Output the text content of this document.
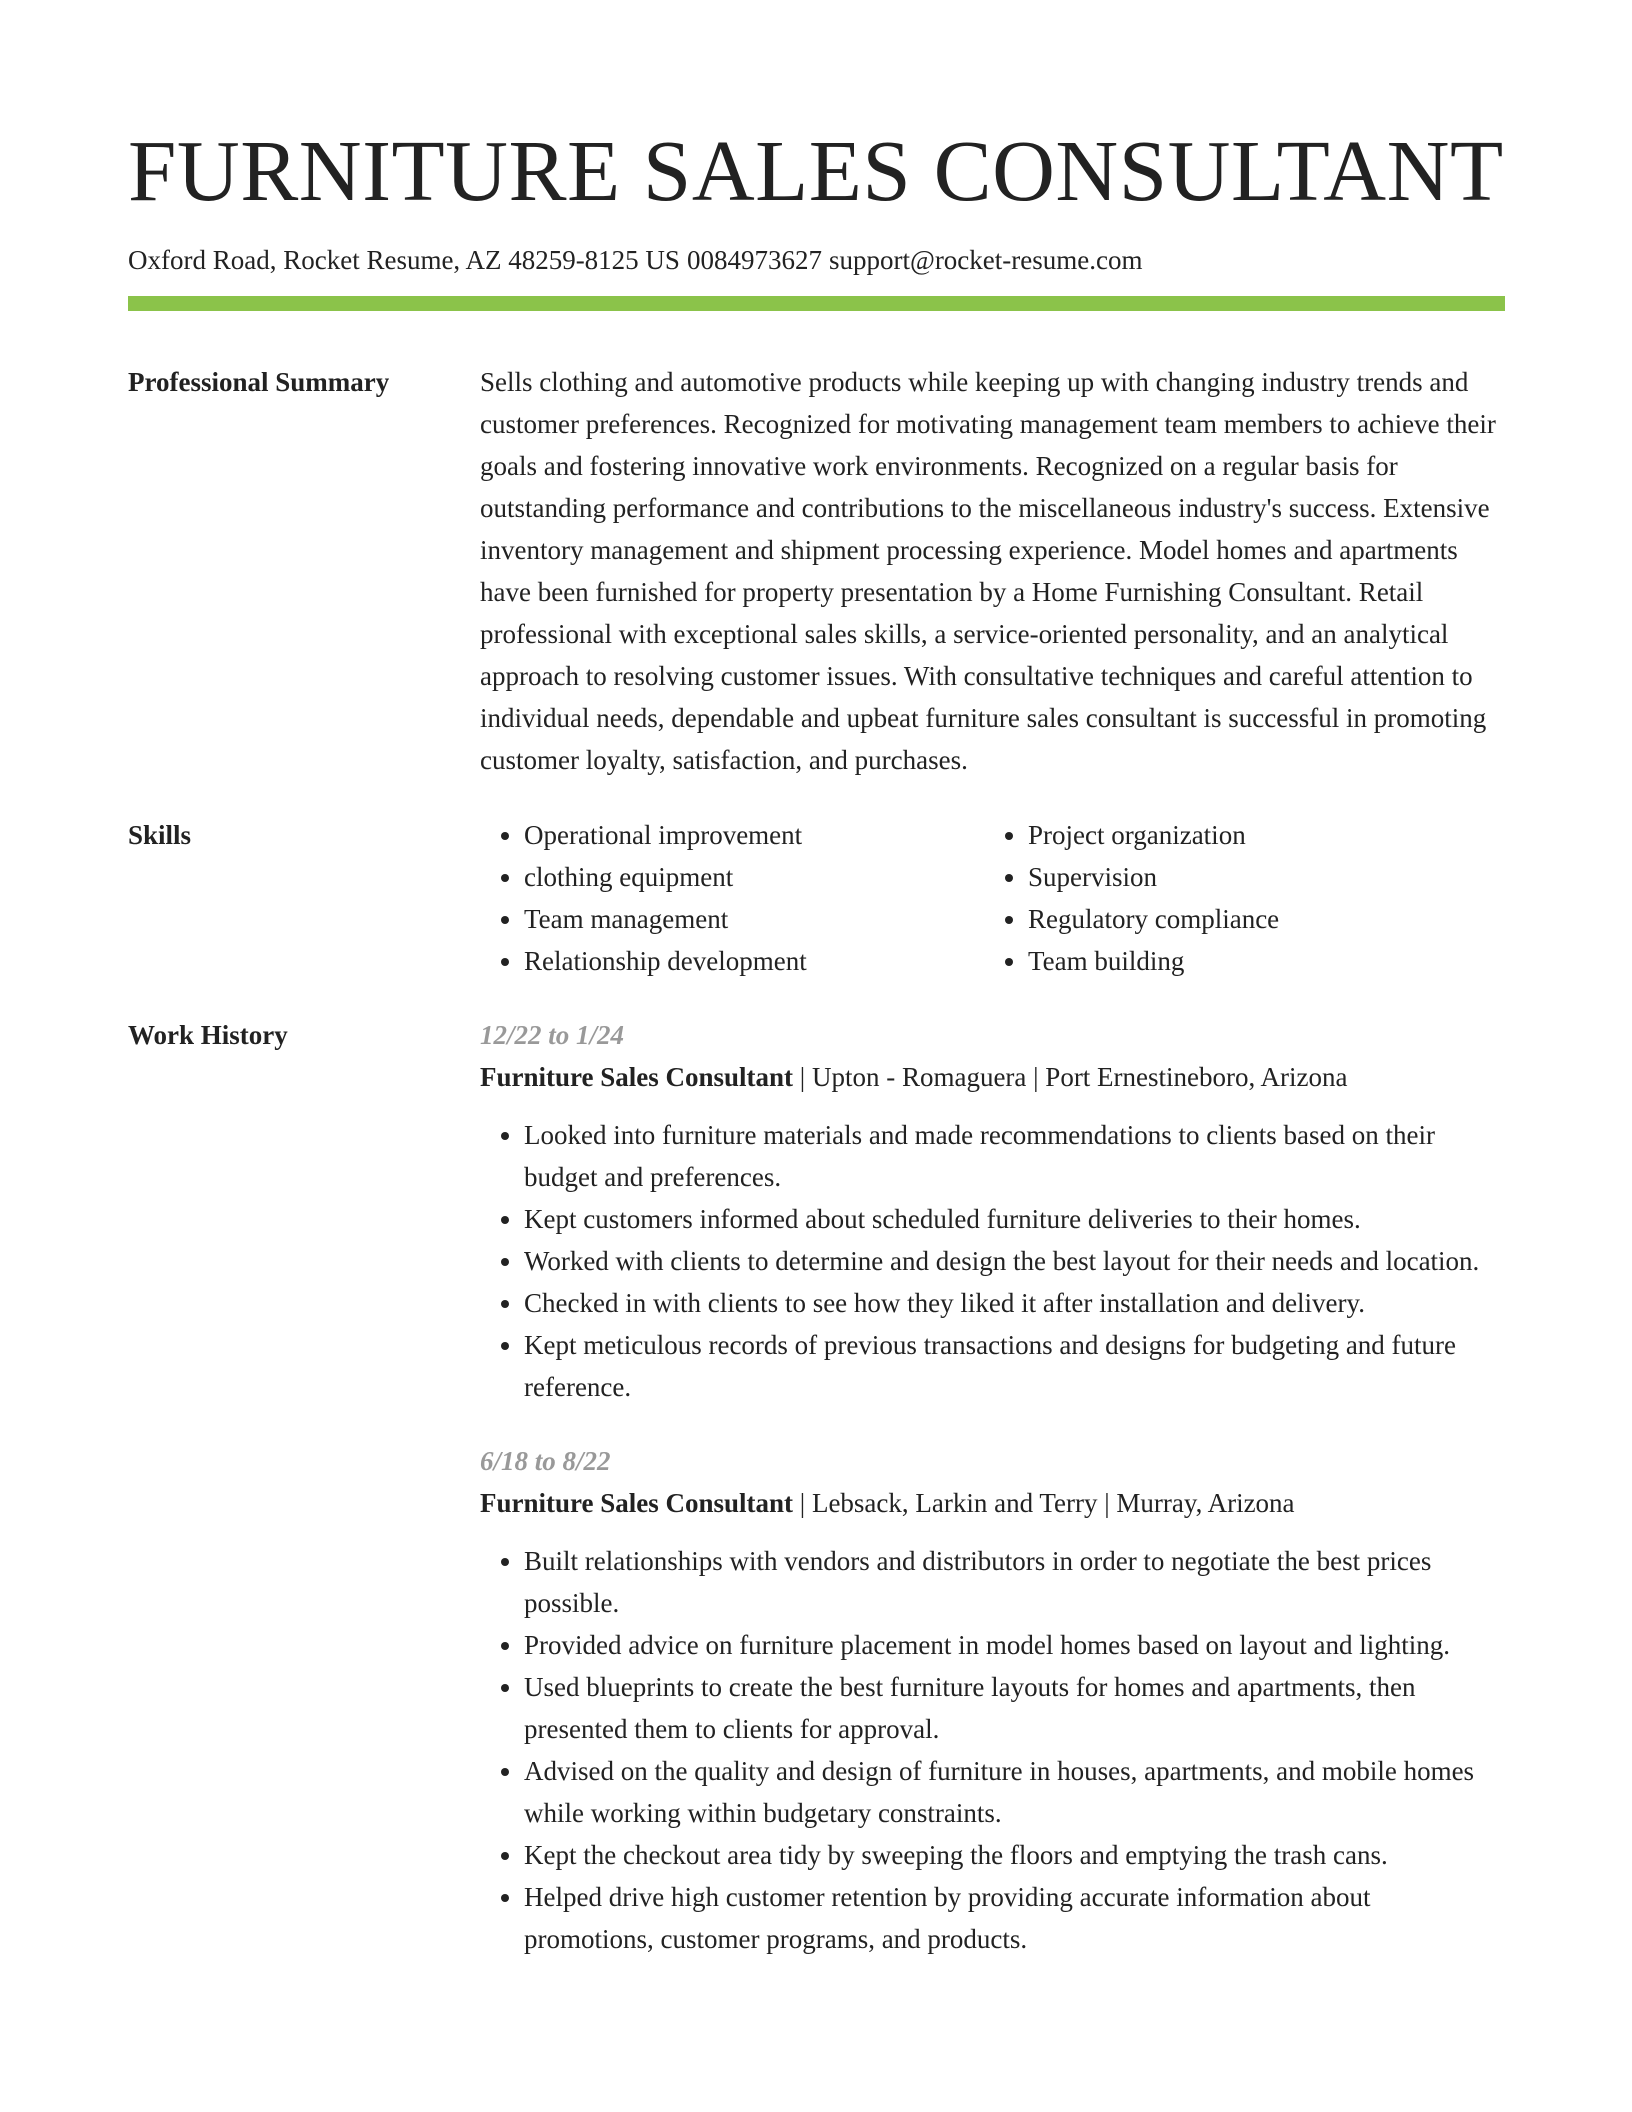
FURNITURE SALES CONSULTANT
Oxford Road, Rocket Resume, AZ 48259-8125 US 0084973627 support@rocket-resume.com
Professional Summary	Sells clothing and automotive products while keeping up with changing industry trends and customer preferences. Recognized for motivating management team members to achieve their goals and fostering innovative work environments. Recognized on a regular basis for outstanding performance and contributions to the miscellaneous industry's success. Extensive inventory management and shipment processing experience. Model homes and apartments have been furnished for property presentation by a Home Furnishing Consultant. Retail professional with exceptional sales skills, a service-oriented personality, and an analytical approach to resolving customer issues. With consultative techniques and careful attention to individual needs, dependable and upbeat furniture sales consultant is successful in promoting customer loyalty, satisfaction, and purchases.

Skills
•	Operational improvement
• clothing equipment
• Team management
• Relationship development
• Project organization
• Supervision
• Regulatory compliance
• Team building
Work History	12/22 to 1/24
Furniture Sales Consultant | Upton - Romaguera | Port Ernestineboro, Arizona
• Looked into furniture materials and made recommendations to clients based on their budget and preferences.
• Kept customers informed about scheduled furniture deliveries to their homes.
• Worked with clients to determine and design the best layout for their needs and location.
• Checked in with clients to see how they liked it after installation and delivery.
• Kept meticulous records of previous transactions and designs for budgeting and future reference.
6/18 to 8/22
Furniture Sales Consultant | Lebsack, Larkin and Terry | Murray, Arizona
• Built relationships with vendors and distributors in order to negotiate the best prices possible.
• Provided advice on furniture placement in model homes based on layout and lighting.
• Used blueprints to create the best furniture layouts for homes and apartments, then presented them to clients for approval.
• Advised on the quality and design of furniture in houses, apartments, and mobile homes while working within budgetary constraints.
• Kept the checkout area tidy by sweeping the floors and emptying the trash cans.
• Helped drive high customer retention by providing accurate information about promotions, customer programs, and products.
